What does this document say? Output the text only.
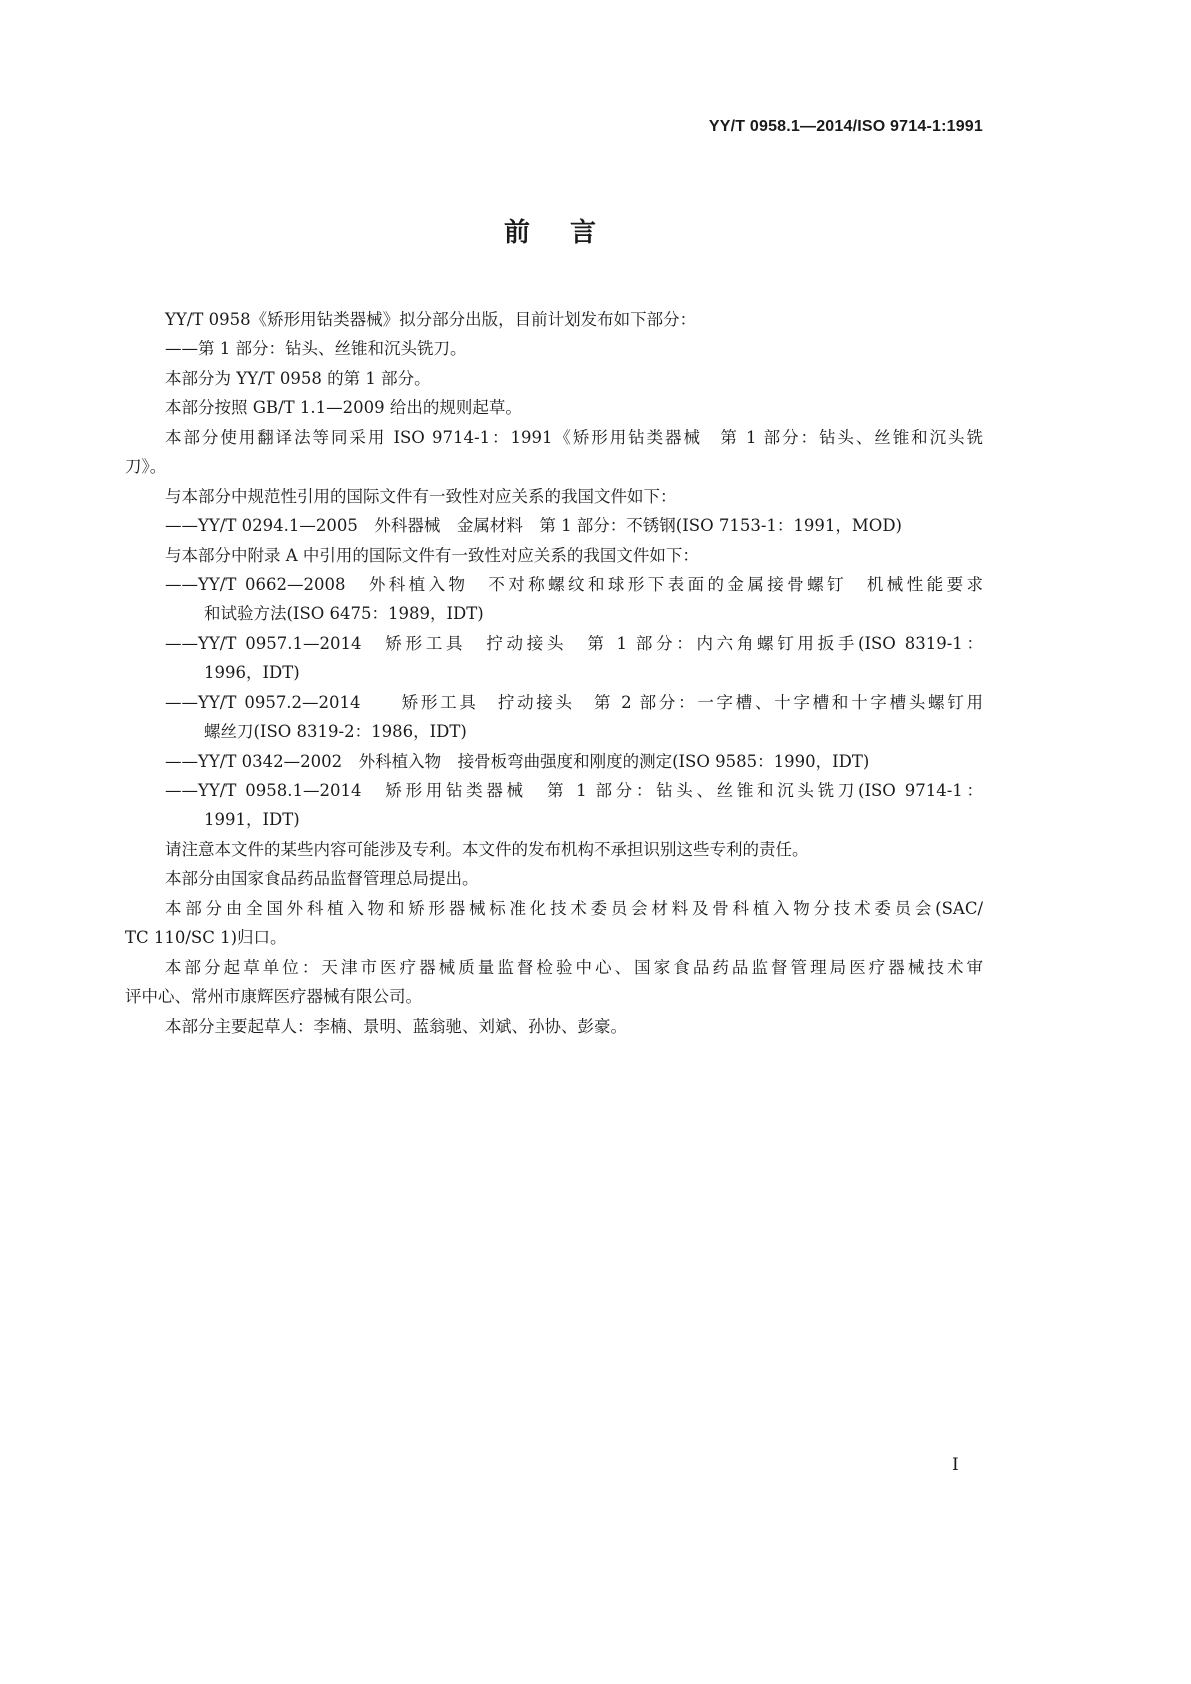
YY/T 0958.1—2014/ISO 9714-1:1991
前言
YY/T 0958《矫形用钻类器械》拟分部分出版，目前计划发布如下部分：
——第 1 部分：钻头、丝锥和沉头铣刀。
本部分为 YY/T 0958 的第 1 部分。
本部分按照 GB/T 1.1—2009 给出的规则起草。
本部分使用翻译法等同采用 ISO 9714-1：1991《矫形用钻类器械　第 1 部分：钻头、丝锥和沉头铣
刀》。
与本部分中规范性引用的国际文件有一致性对应关系的我国文件如下：
——YY/T 0294.1—2005　外科器械　金属材料　第 1 部分：不锈钢(ISO 7153-1：1991，MOD)
与本部分中附录 A 中引用的国际文件有一致性对应关系的我国文件如下：
——YY/T 0662—2008　外科植入物　不对称螺纹和球形下表面的金属接骨螺钉　机械性能要求
和试验方法(ISO 6475：1989，IDT)
——YY/T 0957.1—2014　矫形工具　拧动接头　第 1 部分：内六角螺钉用扳手(ISO 8319-1：
1996，IDT)
——YY/T 0957.2—2014　　矫形工具　拧动接头　第 2 部分：一字槽、十字槽和十字槽头螺钉用
螺丝刀(ISO 8319-2：1986，IDT)
——YY/T 0342—2002　外科植入物　接骨板弯曲强度和刚度的测定(ISO 9585：1990，IDT)
——YY/T 0958.1—2014　矫形用钻类器械　第 1 部分：钻头、丝锥和沉头铣刀(ISO 9714-1：
1991，IDT)
请注意本文件的某些内容可能涉及专利。本文件的发布机构不承担识别这些专利的责任。
本部分由国家食品药品监督管理总局提出。
本部分由全国外科植入物和矫形器械标准化技术委员会材料及骨科植入物分技术委员会(SAC/
TC 110/SC 1)归口。
本部分起草单位：天津市医疗器械质量监督检验中心、国家食品药品监督管理局医疗器械技术审
评中心、常州市康辉医疗器械有限公司。
本部分主要起草人：李楠、景明、蓝翁驰、刘斌、孙协、彭豪。
I
